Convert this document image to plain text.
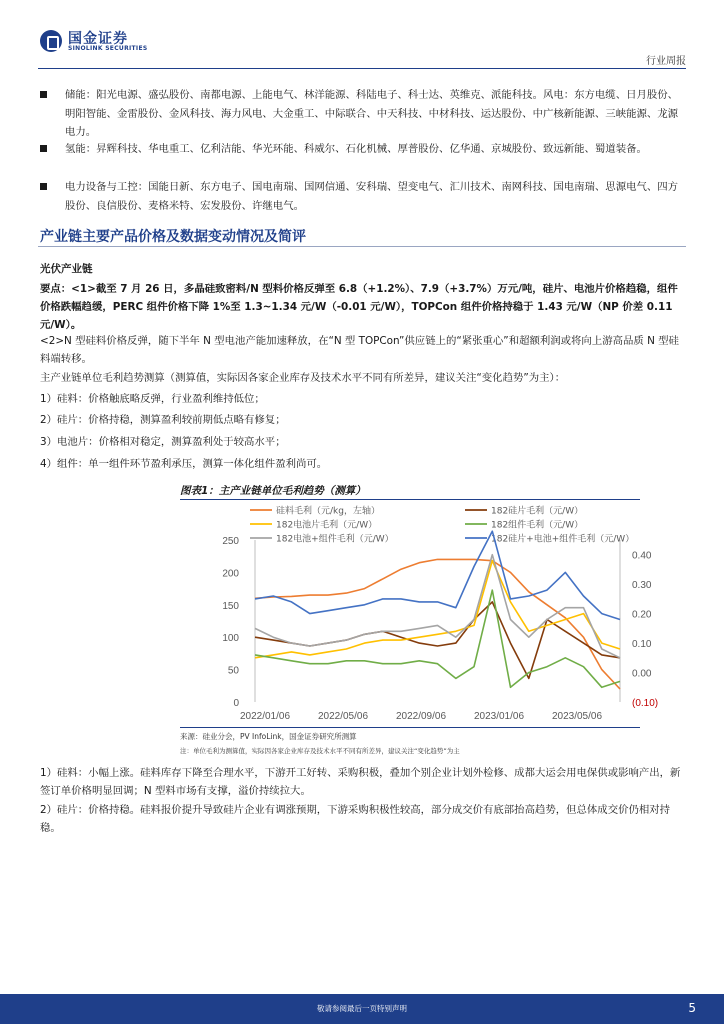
国金证券
SINOLINK SECURITIES
行业周报
储能：阳光电源、盛弘股份、南都电源、上能电气、林洋能源、科陆电子、科士达、英维克、派能科技。风电：东方电缆、日月股份、明阳智能、金雷股份、金风科技、海力风电、大金重工、中际联合、中天科技、中材科技、运达股份、中广核新能源、三峡能源、龙源电力。
氢能：昇辉科技、华电重工、亿利洁能、华光环能、科威尔、石化机械、厚普股份、亿华通、京城股份、致远新能、蜀道装备。
电力设备与工控：国能日新、东方电子、国电南瑞、国网信通、安科瑞、望变电气、汇川技术、南网科技、国电南瑞、思源电气、四方股份、良信股份、麦格米特、宏发股份、许继电气。
产业链主要产品价格及数据变动情况及简评
光伏产业链
要点：<1>截至 7 月 26 日，多晶硅致密料/N 型料价格反弹至 6.8（+1.2%）、7.9（+3.7%）万元/吨，硅片、电池片价格趋稳，组件价格跌幅趋缓，PERC 组件价格下降 1%至 1.3~1.34 元/W（-0.01 元/W），TOPCon 组件价格持稳于 1.43 元/W（NP 价差 0.11 元/W）。
<2>N 型硅料价格反弹，随下半年 N 型电池产能加速释放，在“N 型 TOPCon”供应链上的“紧张重心”和超额利润或将向上游高品质 N 型硅料端转移。
主产业链单位毛利趋势测算（测算值，实际因各家企业库存及技术水平不同有所差异，建议关注“变化趋势”为主）：
1）硅料：价格触底略反弹，行业盈利维持低位；
2）硅片：价格持稳，测算盈利较前期低点略有修复；
3）电池片：价格相对稳定，测算盈利处于较高水平；
4）组件：单一组件环节盈利承压，测算一体化组件盈利尚可。
图表1：主产业链单位毛利趋势（测算）
硅料毛利（元/kg，左轴）	182硅片毛利（元/W）
182电池片毛利（元/W）	182组件毛利（元/W）
182电池+组件毛利（元/W）	182硅片+电池+组件毛利（元/W）
0
50
100
150
200
250
(0.10)
0.00
0.10
0.20
0.30
0.40
2022/01/06	2022/05/06	2022/09/06	2023/01/06	2023/05/06
来源：硅业分会，PV InfoLink，国金证券研究所测算
注：单位毛利为测算值，实际因各家企业库存及技术水平不同有所差异，建议关注“变化趋势”为主
1）硅料：小幅上涨。硅料库存下降至合理水平，下游开工好转、采购积极，叠加个别企业计划外检修、成都大运会用电保供或影响产出，新签订单价格明显回调；N 型料市场有支撑，溢价持续拉大。
2）硅片：价格持稳。硅料报价提升导致硅片企业有调涨预期，下游采购积极性较高，部分成交价有底部抬高趋势，但总体成交价仍相对持稳。
敬请参阅最后一页特别声明	5
